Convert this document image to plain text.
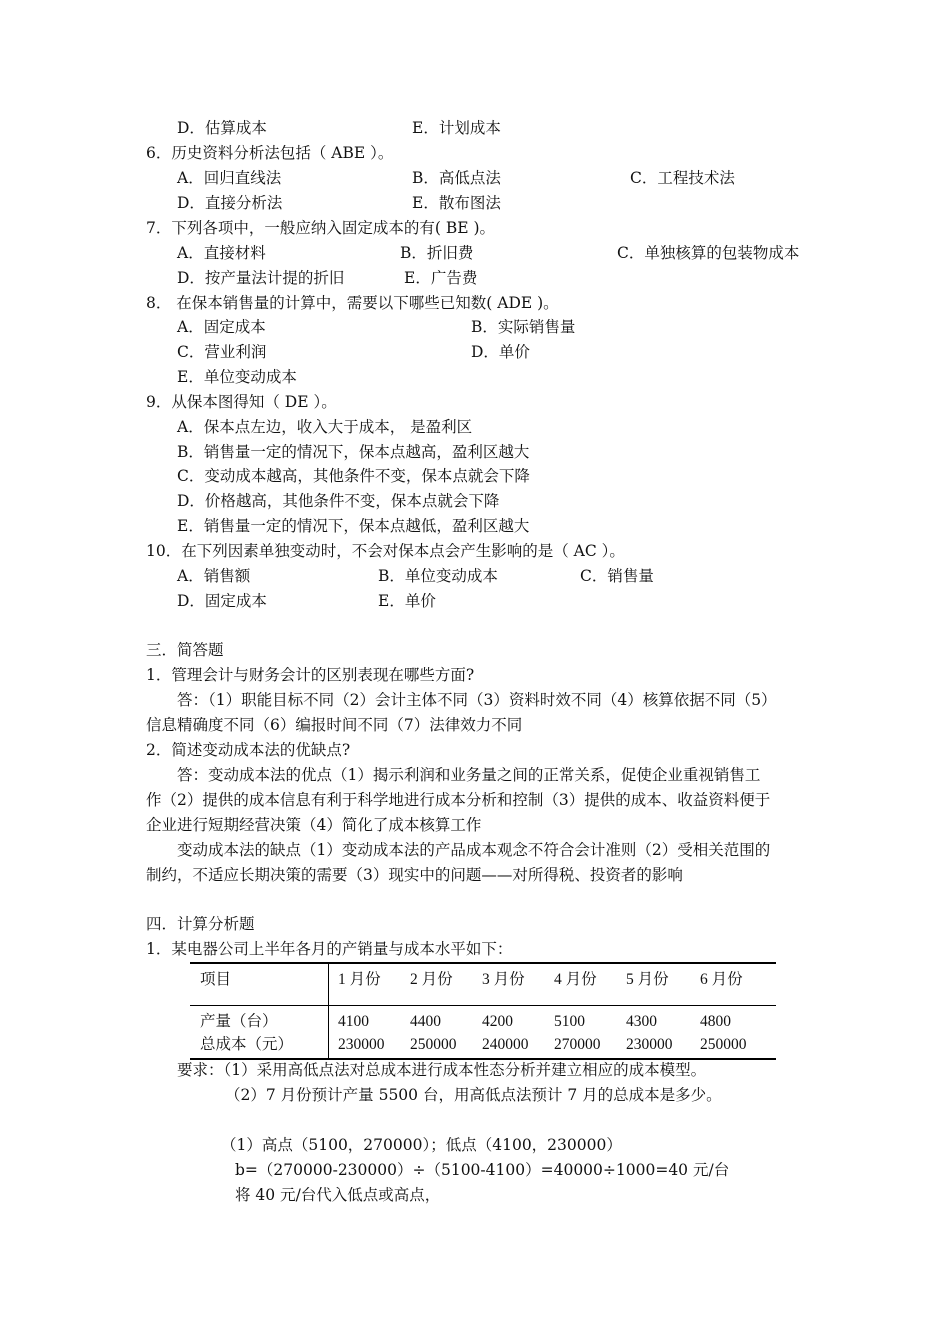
D．估算成本	E．计划成本
6．历史资料分析法包括（ ABE ）。
A．回归直线法	B．高低点法	C．工程技术法
D．直接分析法	E．散布图法
7．下列各项中，一般应纳入固定成本的有( BE )。
A．直接材料	B．折旧费	C．单独核算的包装物成本
D．按产量法计提的折旧	E．广告费
8． 在保本销售量的计算中，需要以下哪些已知数( ADE )。
A．固定成本	B．实际销售量
C．营业利润	D．单价
E．单位变动成本
9．从保本图得知（ DE ）。
A．保本点左边，收入大于成本， 是盈利区
B．销售量一定的情况下，保本点越高，盈利区越大
C．变动成本越高，其他条件不变，保本点就会下降
D．价格越高，其他条件不变，保本点就会下降
E．销售量一定的情况下，保本点越低，盈利区越大
10．在下列因素单独变动时，不会对保本点会产生影响的是（ AC ）。
A．销售额	B．单位变动成本	C．销售量
D．固定成本	E．单价
三．简答题
1．管理会计与财务会计的区别表现在哪些方面?
答：（1）职能目标不同（2）会计主体不同（3）资料时效不同（4）核算依据不同（5）
信息精确度不同（6）编报时间不同（7）法律效力不同
2．简述变动成本法的优缺点?
答：变动成本法的优点（1）揭示利润和业务量之间的正常关系，促使企业重视销售工
作（2）提供的成本信息有利于科学地进行成本分析和控制（3）提供的成本、收益资料便于
企业进行短期经营决策（4）简化了成本核算工作
变动成本法的缺点（1）变动成本法的产品成本观念不符合会计准则（2）受相关范围的
制约，不适应长期决策的需要（3）现实中的问题——对所得税、投资者的影响
四．计算分析题
1．某电器公司上半年各月的产销量与成本水平如下：
项目	1 月份 2 月份 3 月份 4 月份 5 月份 6 月份
产量（台）	4100	4400	4200	5100	4300	4800
总成本（元）	230000 250000 240000 270000 230000 250000
要求：（1）采用高低点法对总成本进行成本性态分析并建立相应的成本模型。
（2）7 月份预计产量 5500 台，用高低点法预计 7 月的总成本是多少。
（1）高点（5100，270000）；低点（4100，230000）
b=（270000-230000）÷（5100-4100）=40000÷1000=40 元/台
将 40 元/台代入低点或高点，
